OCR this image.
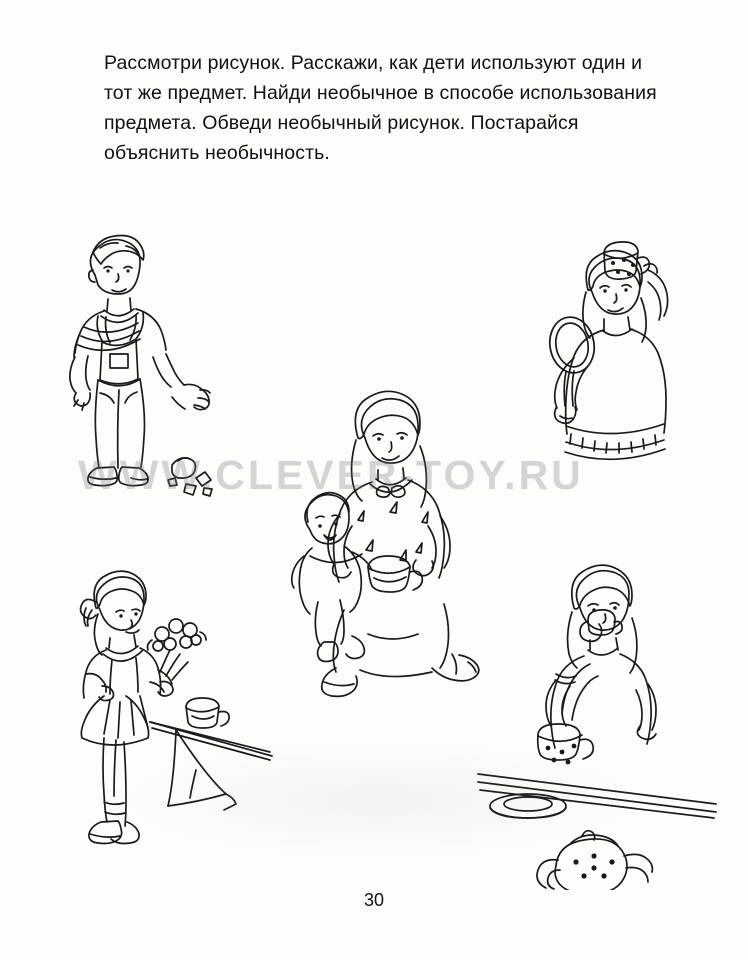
Рассмотри рисунок. Расскажи, как дети используют один и тот же предмет. Найди необычное в способе использования предмета. Обведи необычный рисунок. Постарайся объяснить необычность.

WWW.CLEVER-TOY.RU
30
